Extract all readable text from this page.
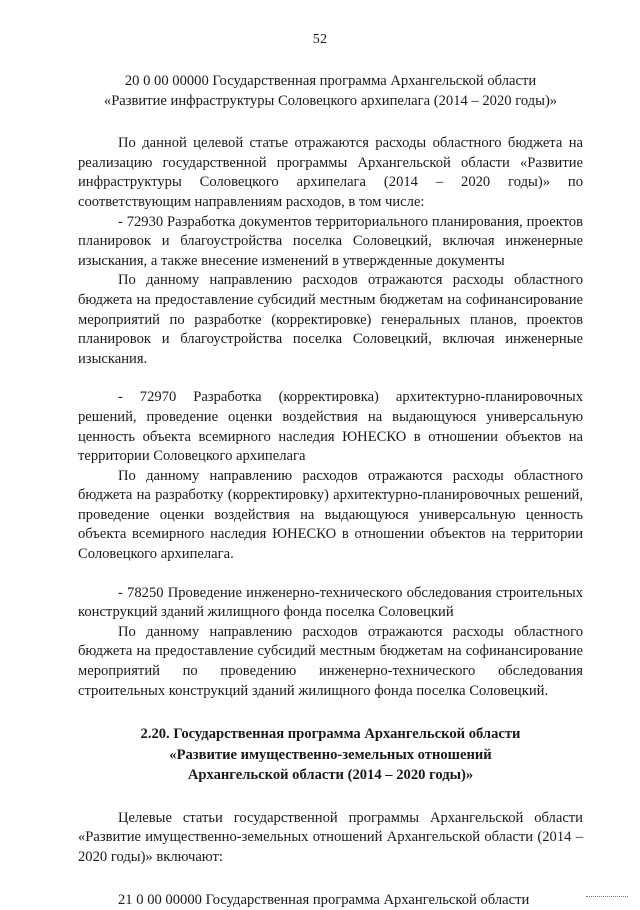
52

20 0 00 00000 Государственная программа Архангельской области

«Развитие инфраструктуры Соловецкого архипелага (2014 – 2020 годы)»

По данной целевой статье отражаются расходы областного бюджета на реализацию государственной программы Архангельской области «Развитие инфраструктуры Соловецкого архипелага (2014 – 2020 годы)» по соответствующим направлениям расходов, в том числе:

- 72930 Разработка документов территориального планирования, проектов планировок и благоустройства поселка Соловецкий, включая инженерные изыскания, а также внесение изменений в утвержденные документы

По данному направлению расходов отражаются расходы областного бюджета на предоставление субсидий местным бюджетам на софинансирование мероприятий по разработке (корректировке) генеральных планов, проектов планировок и благоустройства поселка Соловецкий, включая инженерные изыскания.

- 72970 Разработка (корректировка) архитектурно-планировочных решений, проведение оценки воздействия на выдающуюся универсальную ценность объекта всемирного наследия ЮНЕСКО в отношении объектов на территории Соловецкого архипелага

По данному направлению расходов отражаются расходы областного бюджета на разработку (корректировку) архитектурно-планировочных решений, проведение оценки воздействия на выдающуюся универсальную ценность объекта всемирного наследия ЮНЕСКО в отношении объектов на территории Соловецкого архипелага.

- 78250 Проведение инженерно-технического обследования строительных конструкций зданий жилищного фонда поселка Соловецкий

По данному направлению расходов отражаются расходы областного бюджета на предоставление субсидий местным бюджетам на софинансирование мероприятий по проведению инженерно-технического обследования строительных конструкций зданий жилищного фонда поселка Соловецкий.

2.20. Государственная программа Архангельской области

«Развитие имущественно-земельных отношений

Архангельской области (2014 – 2020 годы)»

Целевые статьи государственной программы Архангельской области «Развитие имущественно-земельных отношений Архангельской области (2014 – 2020 годы)» включают:

21 0 00 00000 Государственная программа Архангельской области
